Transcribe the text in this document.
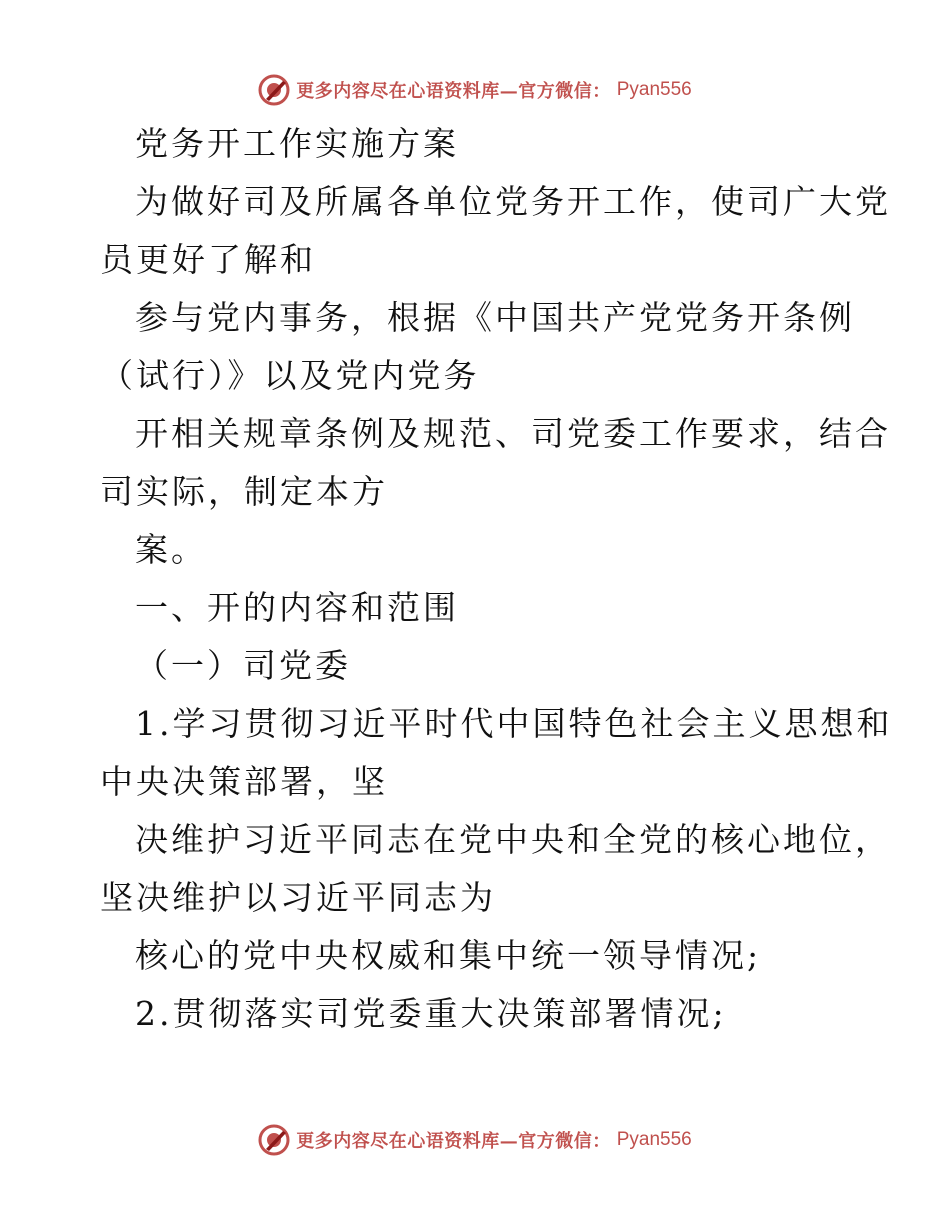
更多内容尽在心语资料库—官方微信： Pyan556
党务开工作实施方案
为做好司及所属各单位党务开工作，使司广大党
员更好了解和
参与党内事务，根据《中国共产党党务开条例
（试行）》以及党内党务
开相关规章条例及规范、司党委工作要求，结合
司实际，制定本方
案。
一、开的内容和范围
（一）司党委
1.学习贯彻习近平时代中国特色社会主义思想和
中央决策部署，坚
决维护习近平同志在党中央和全党的核心地位，
坚决维护以习近平同志为
核心的党中央权威和集中统一领导情况;
2.贯彻落实司党委重大决策部署情况;
更多内容尽在心语资料库—官方微信： Pyan556
